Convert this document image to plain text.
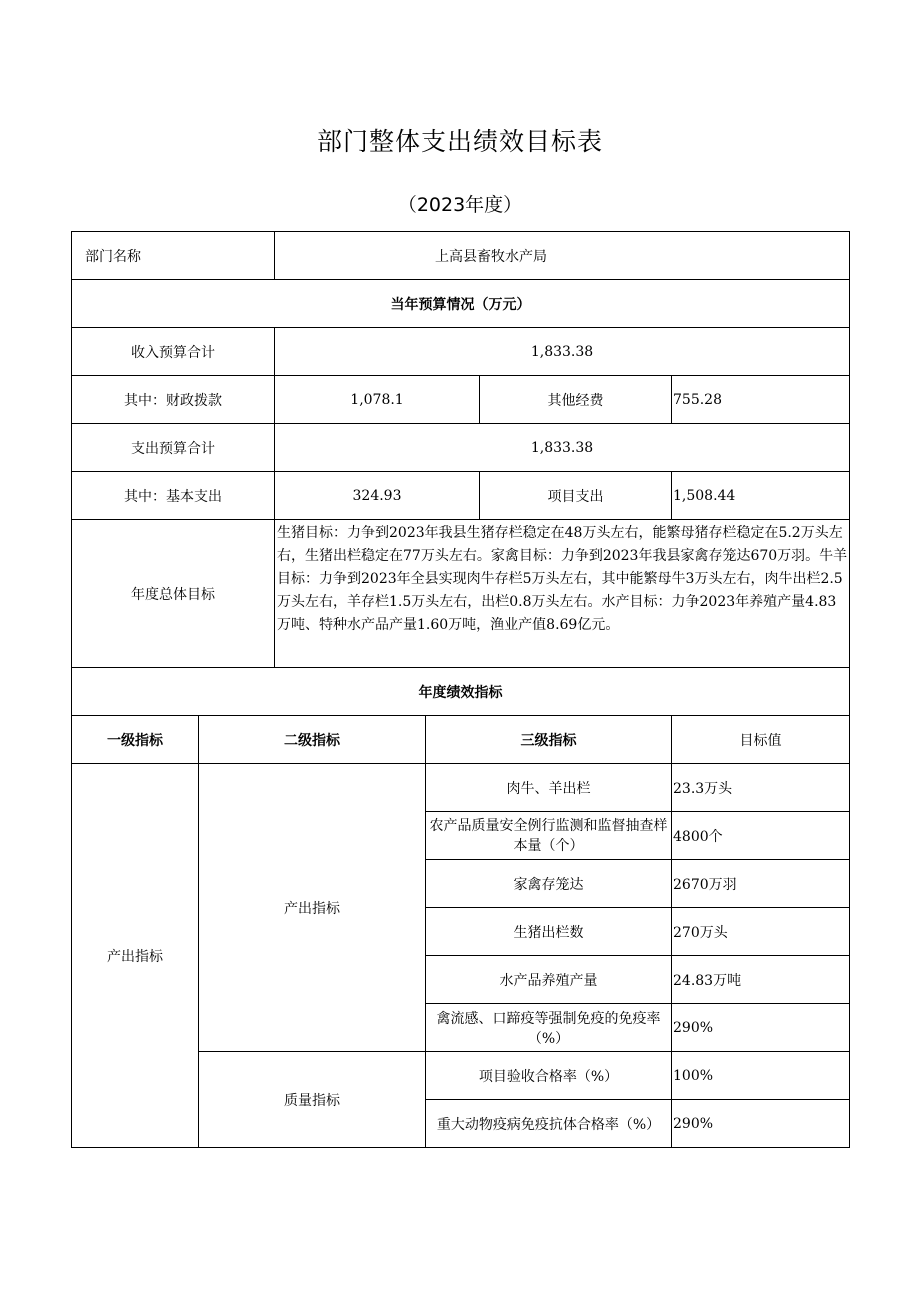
部门整体支出绩效目标表
（2023年度）
部门名称		上高县畜牧水产局			
当年预算情况（万元）					
收入预算合计		1,833.38			
其中：财政拨款		1,078.1		其他经费	755.28
支出预算合计		1,833.38			
其中：基本支出		324.93		项目支出	1,508.44
年度总体目标		生猪目标：力争到2023年我县生猪存栏稳定在48万头左右，能繁母猪存栏稳定在5.2万头左右，生猪出栏稳定在77万头左右。家禽目标：力争到2023年我县家禽存笼达670万羽。牛羊目标：力争到2023年全县实现肉牛存栏5万头左右，其中能繁母牛3万头左右，肉牛出栏2.5万头左右，羊存栏1.5万头左右，出栏0.8万头左右。水产目标：力争2023年养殖产量4.83万吨、特种水产品产量1.60万吨，渔业产值8.69亿元。			
年度绩效指标					
一级指标	二级指标		三级指标		目标值
产出指标	产出指标		肉牛、羊出栏		23.3万头
			农产品质量安全例行监测和监督抽查样本量（个）		4800个
			家禽存笼达		2670万羽
			生猪出栏数		270万头
			水产品养殖产量		24.83万吨
			禽流感、口蹄疫等强制免疫的免疫率（%）		290%
	质量指标		项目验收合格率（%）		100%
			重大动物疫病免疫抗体合格率（%）		290%
